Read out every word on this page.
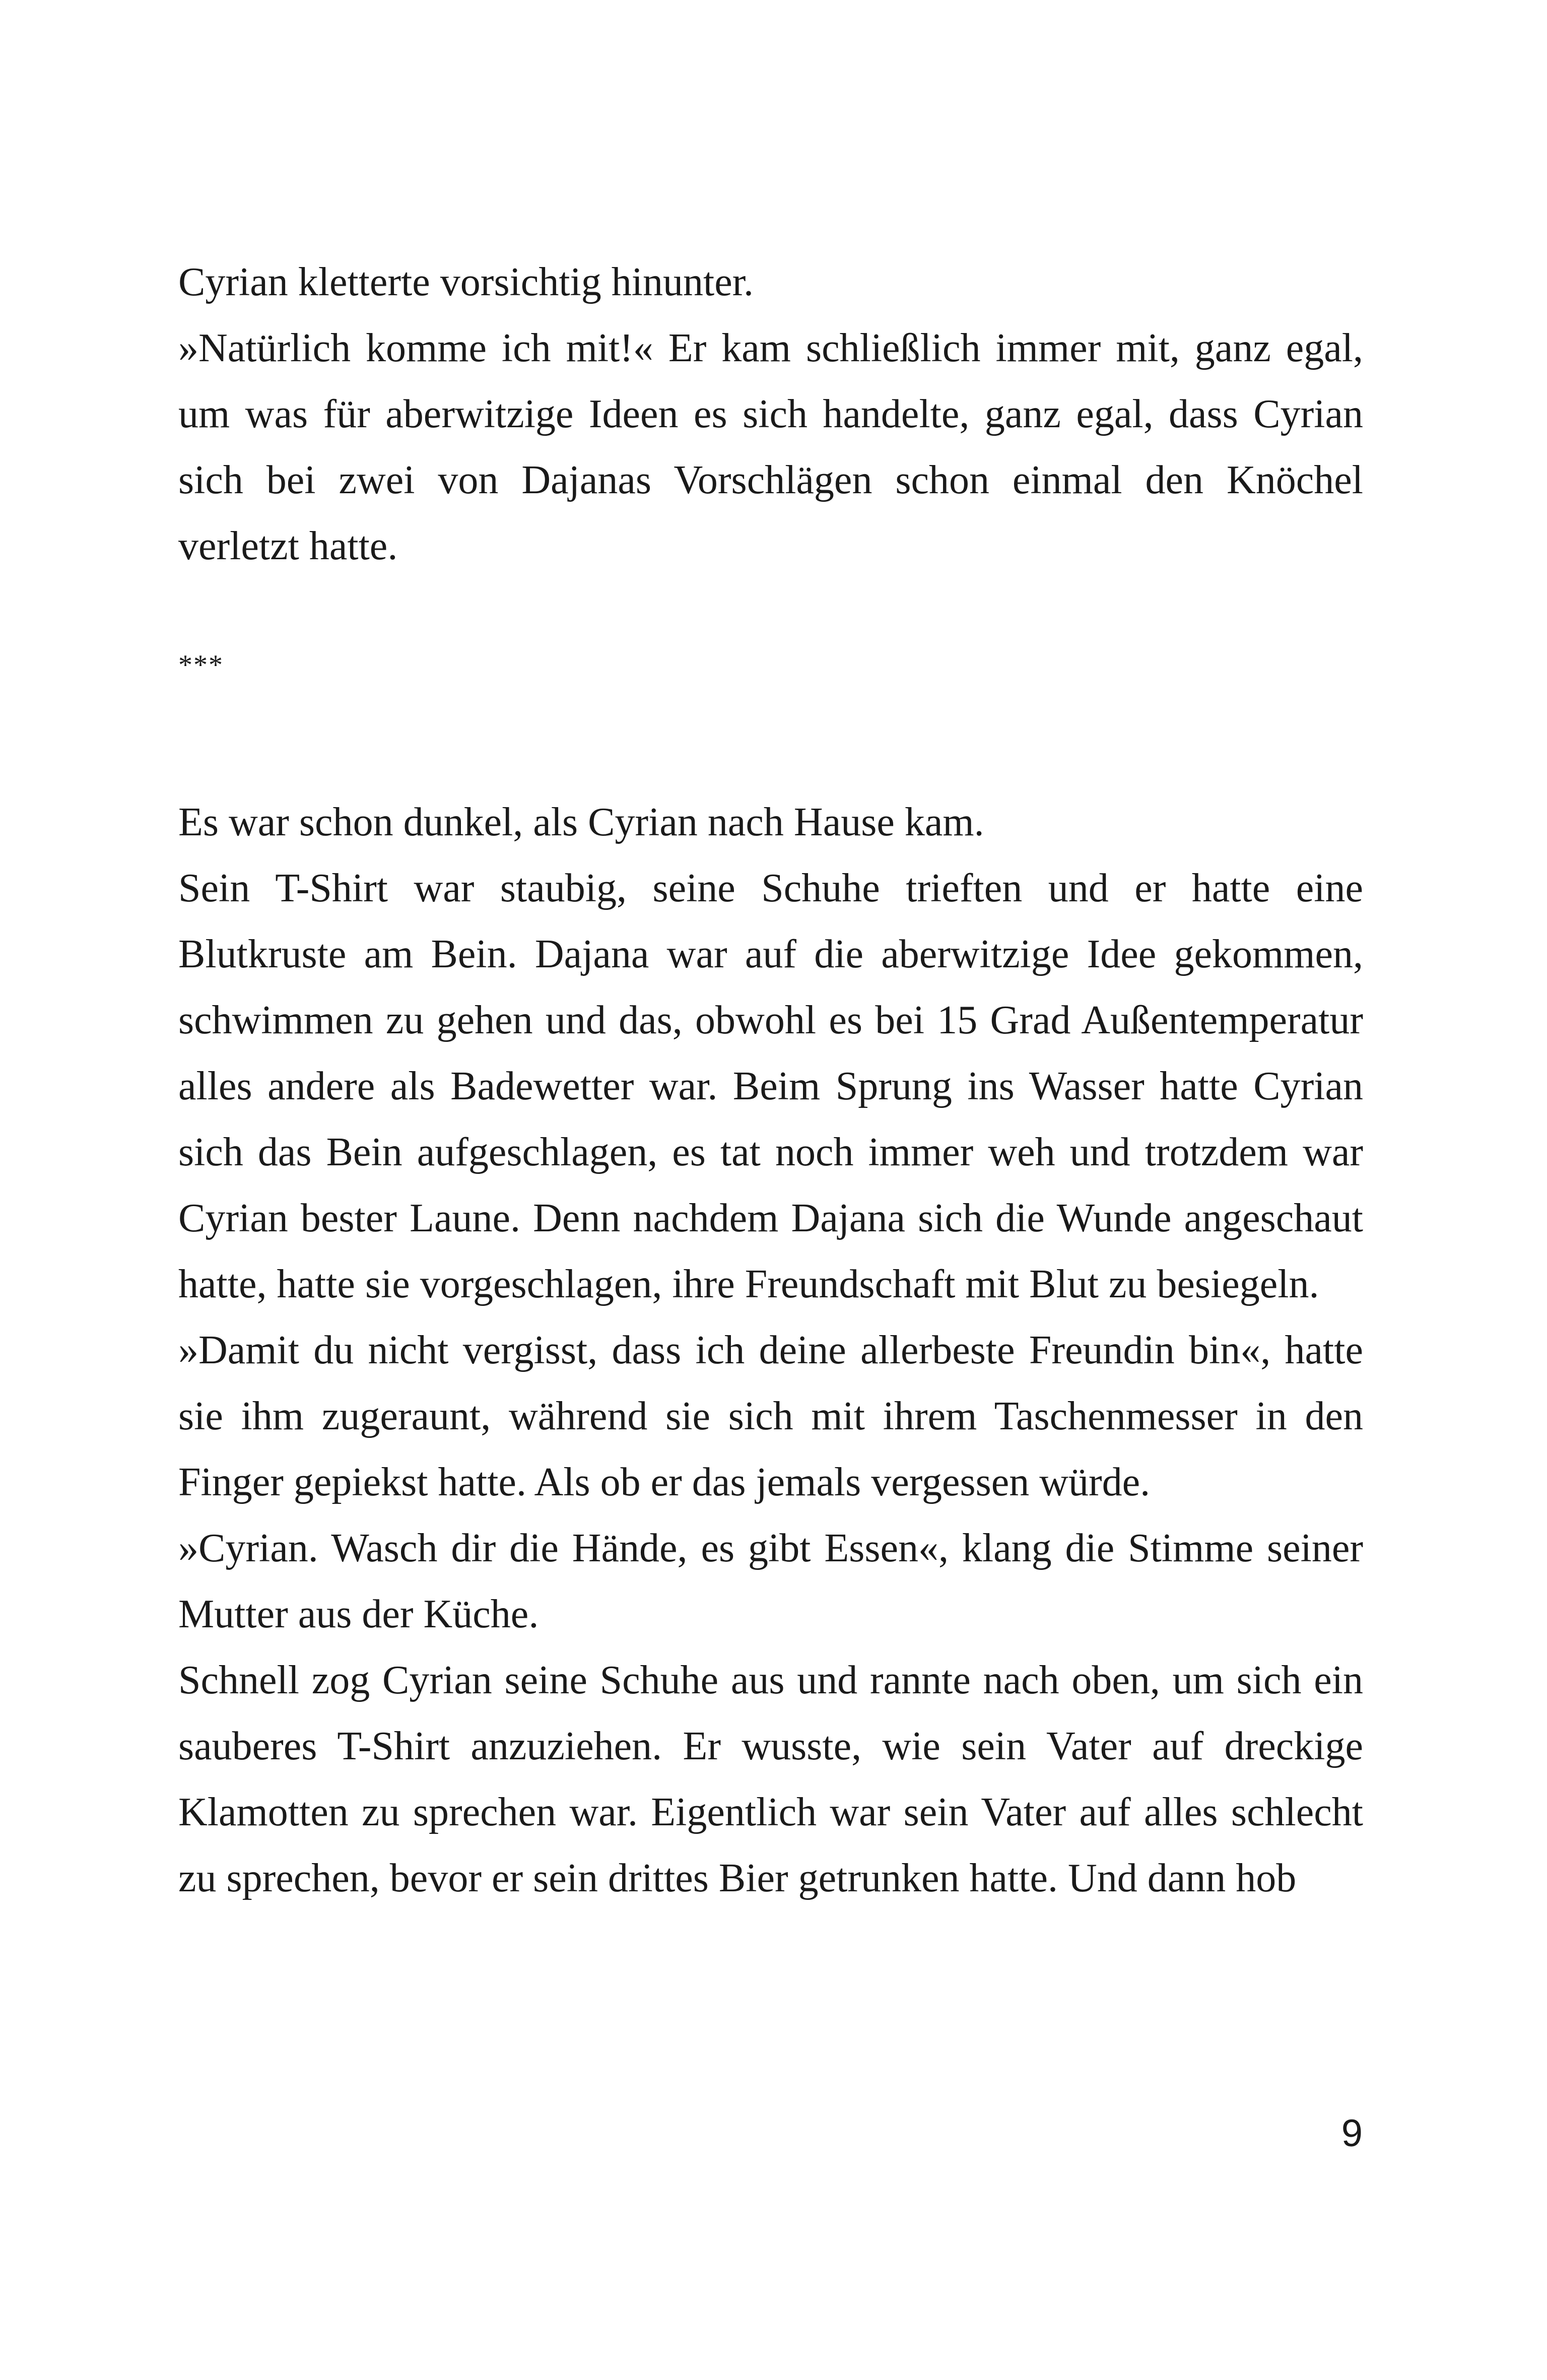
Cyrian kletterte vorsichtig hinunter.

»Natürlich komme ich mit!« Er kam schließlich immer mit, ganz egal, um was für aberwitzige Ideen es sich handelte, ganz egal, dass Cyrian sich bei zwei von Dajanas Vorschlägen schon einmal den Knöchel verletzt hatte.

***

Es war schon dunkel, als Cyrian nach Hause kam.

Sein T-Shirt war staubig, seine Schuhe trieften und er hatte eine Blutkruste am Bein. Dajana war auf die aberwitzige Idee gekommen, schwimmen zu gehen und das, obwohl es bei 15 Grad Außentemperatur alles andere als Badewetter war. Beim Sprung ins Wasser hatte Cyrian sich das Bein aufgeschlagen, es tat noch immer weh und trotzdem war Cyrian bester Laune. Denn nachdem Dajana sich die Wunde angeschaut hatte, hatte sie vorgeschlagen, ihre Freundschaft mit Blut zu besiegeln.

»Damit du nicht vergisst, dass ich deine allerbeste Freundin bin«, hatte sie ihm zugeraunt, während sie sich mit ihrem Taschenmesser in den Finger gepiekst hatte. Als ob er das jemals vergessen würde.

»Cyrian. Wasch dir die Hände, es gibt Essen«, klang die Stimme seiner Mutter aus der Küche.

Schnell zog Cyrian seine Schuhe aus und rannte nach oben, um sich ein sauberes T-Shirt anzuziehen. Er wusste, wie sein Vater auf dreckige Klamotten zu sprechen war. Eigentlich war sein Vater auf alles schlecht zu sprechen, bevor er sein drittes Bier getrunken hatte. Und dann hob

9
